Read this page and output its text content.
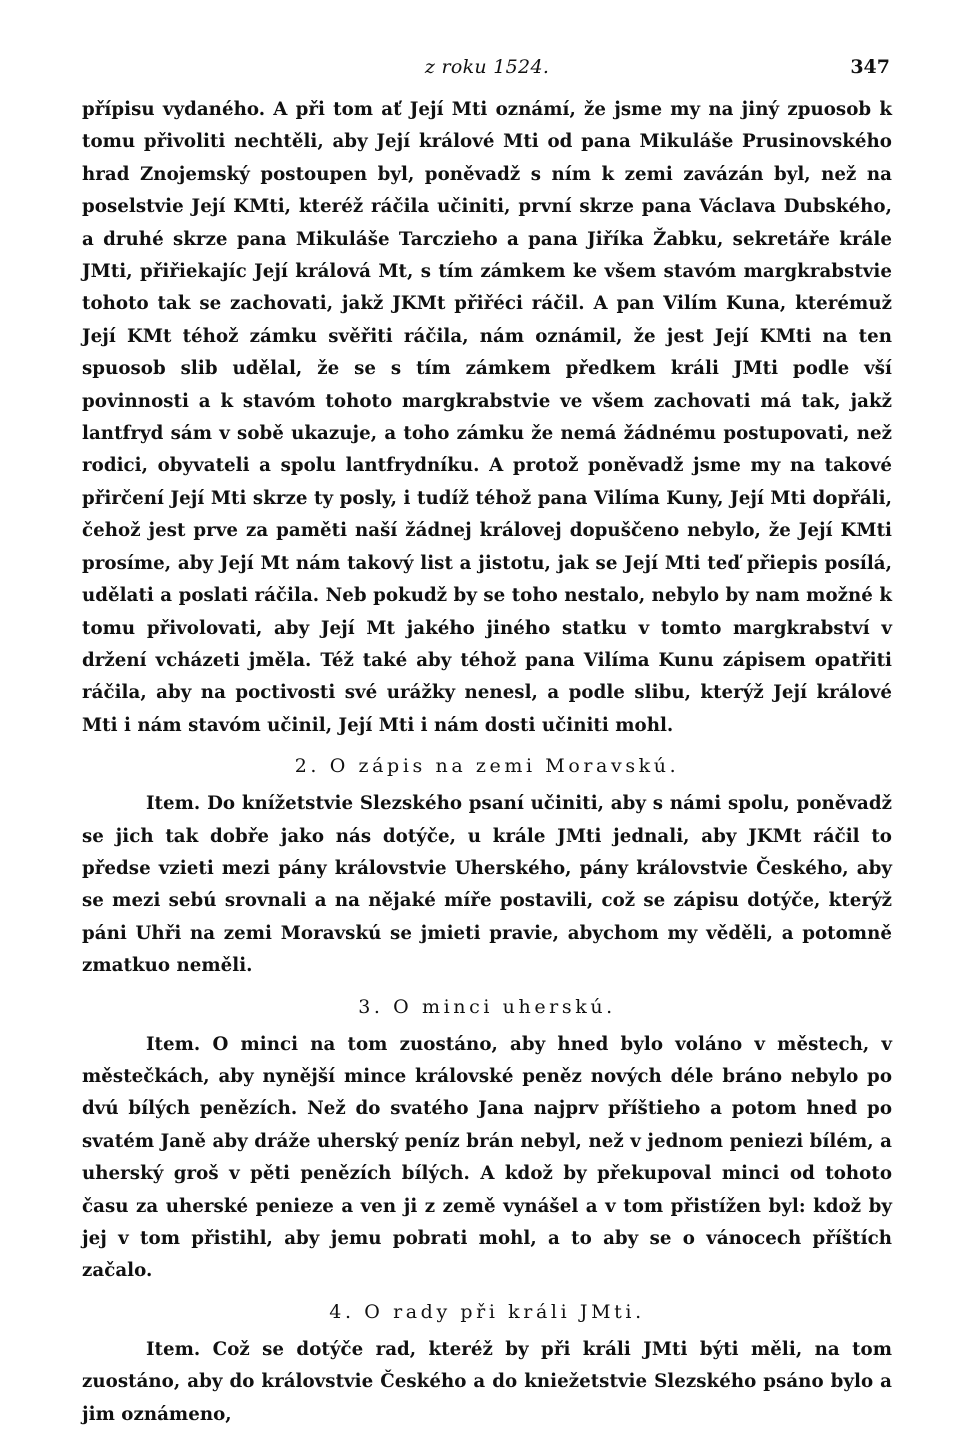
z roku 1524.	347

přípisu vydaného. A při tom ať Její Mti oznámí, že jsme my na jiný zpuosob k tomu přivoliti nechtěli, aby Její králové Mti od pana Mikuláše Prusinovského hrad Znojemský postoupen byl, poněvadž s ním k zemi zavázán byl, než na poselstvie Její KMti, kteréž ráčila učiniti, první skrze pana Václava Dubského, a druhé skrze pana Mikuláše Tarczieho a pana Jiříka Žabku, sekretáře krále JMti, přiřiekajíc Její králová Mt, s tím zámkem ke všem stavóm margkrabstvie tohoto tak se zachovati, jakž JKMt přiřéci ráčil. A pan Vilím Kuna, kterémuž Její KMt téhož zámku svěřiti ráčila, nám oznámil, že jest Její KMti na ten spuosob slib udělal, že se s tím zámkem předkem králi JMti podle vší povinnosti a k stavóm tohoto margkrabstvie ve všem zachovati má tak, jakž lantfryd sám v sobě ukazuje, a toho zámku že nemá žádnému postupovati, než rodici, obyvateli a spolu lantfrydníku. A protož poněvadž jsme my na takové přirčení Její Mti skrze ty posly, i tudíž téhož pana Vilíma Kuny, Její Mti dopřáli, čehož jest prve za paměti naší žádnej královej dopuščeno nebylo, že Její KMti prosíme, aby Její Mt nám takový list a jistotu, jak se Její Mti teď přiepis posílá, udělati a poslati ráčila. Neb pokudž by se toho nestalo, nebylo by nam možné k tomu přivolovati, aby Její Mt jakého jiného statku v tomto margkrabství v držení vcházeti jměla. Též také aby téhož pana Vilíma Kunu zápisem opatřiti ráčila, aby na poctivosti své urážky nenesl, a podle slibu, kterýž Její králové Mti i nám stavóm učinil, Její Mti i nám dosti učiniti mohl.

2. O zápis na zemi Moravskú.

Item. Do knížetstvie Slezského psaní učiniti, aby s námi spolu, poněvadž se jich tak dobře jako nás dotýče, u krále JMti jednali, aby JKMt ráčil to předse vzieti mezi pány královstvie Uherského, pány královstvie Českého, aby se mezi sebú srovnali a na nějaké míře postavili, což se zápisu dotýče, kterýž páni Uhři na zemi Moravskú se jmieti pravie, abychom my věděli, a potomně zmatkuo neměli.

3. O minci uherskú.

Item. O minci na tom zuostáno, aby hned bylo voláno v městech, v městečkách, aby nynější mince královské peněz nových déle bráno nebylo po dvú bílých penězích. Než do svatého Jana najprv příštieho a potom hned po svatém Janě aby dráže uherský peníz brán nebyl, než v jednom peniezi bílém, a uherský groš v pěti penězích bílých. A kdož by překupoval minci od tohoto času za uherské penieze a ven ji z země vynášel a v tom přistížen byl: kdož by jej v tom přistihl, aby jemu pobrati mohl, a to aby se o vánocech příštích začalo.

4. O rady při králi JMti.

Item. Což se dotýče rad, kteréž by při králi JMti býti měli, na tom zuostáno, aby do královstvie Českého a do kniežetstvie Slezského psáno bylo a jim oznámeno,
